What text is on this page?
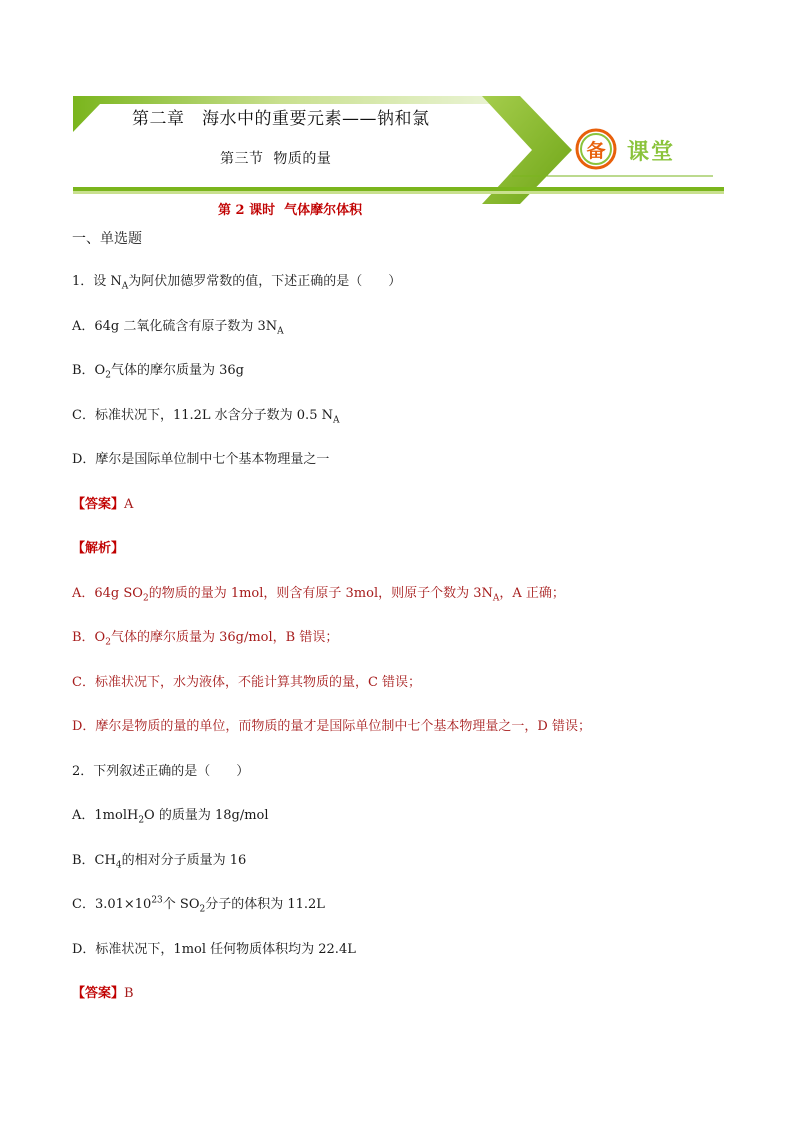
第二章　海水中的重要元素——钠和氯
第三节  物质的量
第 2 课时  气体摩尔体积
备 课堂
一、单选题
1．设 $N_A$为阿伏加德罗常数的值，下述正确的是（　　）
A．64g 二氧化硫含有原子数为 $3N_A$
B．$O_2$气体的摩尔质量为 36g
C．标准状况下，11.2L 水含分子数为 0.5 $N_A$
D．摩尔是国际单位制中七个基本物理量之一
【答案】A
【解析】
A．64g $SO_2$的物质的量为 1mol，则含有原子 3mol，则原子个数为 $3N_A$，A 正确；
B．$O_2$气体的摩尔质量为 36g/mol，B 错误；
C．标准状况下，水为液体，不能计算其物质的量，C 错误；
D．摩尔是物质的量的单位，而物质的量才是国际单位制中七个基本物理量之一，D 错误；
2．下列叙述正确的是（　　）
A．1molH$_2$O 的质量为 18g/mol
B．$CH_4$的相对分子质量为 16
C．$3.01\times 10^{23}$个 $SO_2$分子的体积为 11.2L
D．标准状况下，1mol 任何物质体积均为 22.4L
【答案】B
